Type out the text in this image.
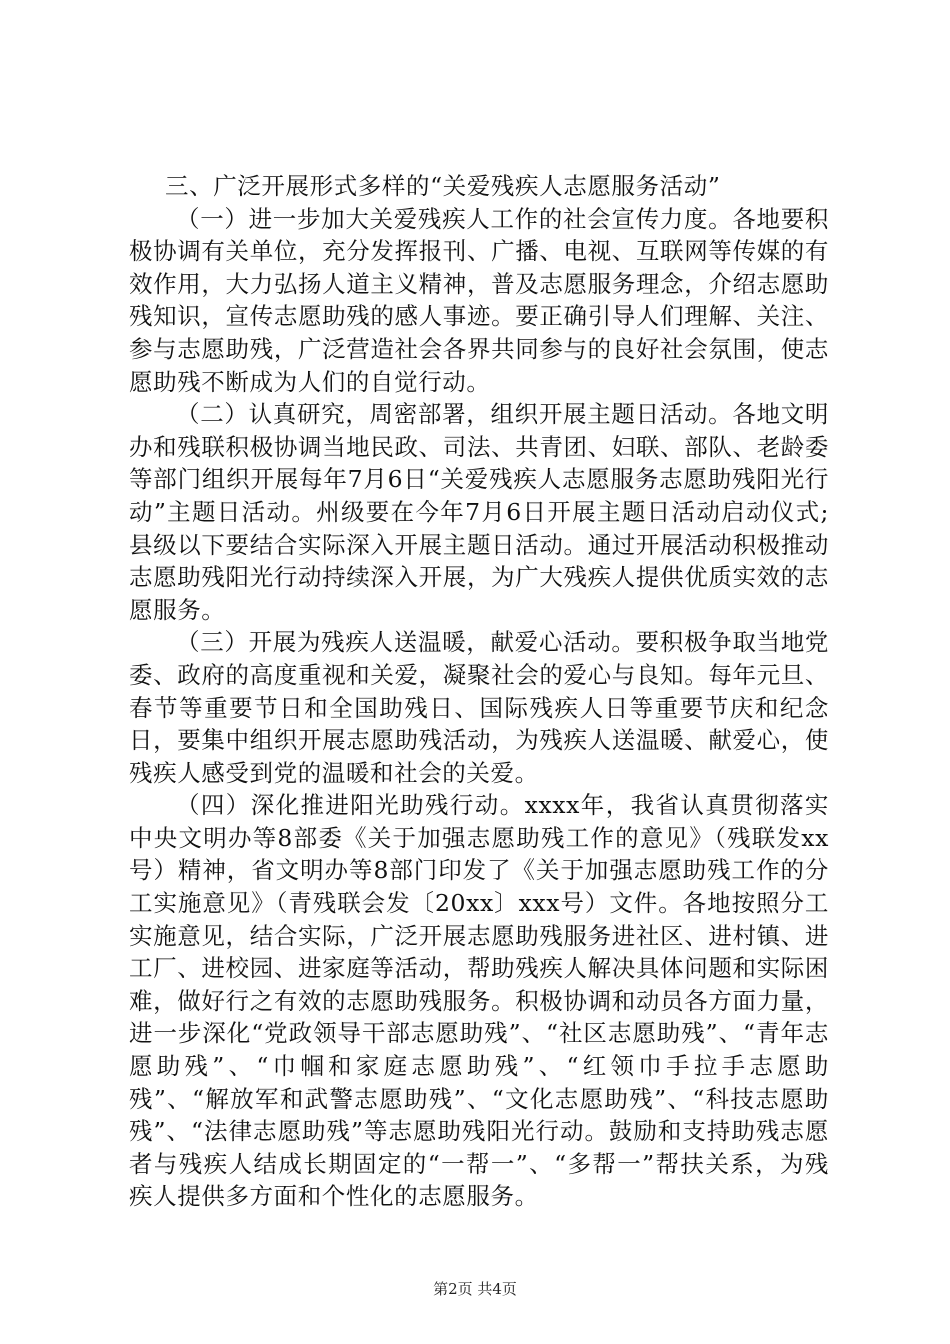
三、广泛开展形式多样的“关爱残疾人志愿服务活动”

（一）进一步加大关爱残疾人工作的社会宣传力度。各地要积极协调有关单位，充分发挥报刊、广播、电视、互联网等传媒的有效作用，大力弘扬人道主义精神，普及志愿服务理念，介绍志愿助残知识，宣传志愿助残的感人事迹。要正确引导人们理解、关注、参与志愿助残，广泛营造社会各界共同参与的良好社会氛围，使志愿助残不断成为人们的自觉行动。

（二）认真研究，周密部署，组织开展主题日活动。各地文明办和残联积极协调当地民政、司法、共青团、妇联、部队、老龄委等部门组织开展每年7月6日“关爱残疾人志愿服务志愿助残阳光行动”主题日活动。州级要在今年7月6日开展主题日活动启动仪式;县级以下要结合实际深入开展主题日活动。通过开展活动积极推动志愿助残阳光行动持续深入开展，为广大残疾人提供优质实效的志愿服务。

（三）开展为残疾人送温暖，献爱心活动。要积极争取当地党委、政府的高度重视和关爱，凝聚社会的爱心与良知。每年元旦、春节等重要节日和全国助残日、国际残疾人日等重要节庆和纪念日，要集中组织开展志愿助残活动，为残疾人送温暖、献爱心，使残疾人感受到党的温暖和社会的关爱。

（四）深化推进阳光助残行动。xxxx年，我省认真贯彻落实中央文明办等8部委《关于加强志愿助残工作的意见》（残联发xx号）精神，省文明办等8部门印发了《关于加强志愿助残工作的分工实施意见》（青残联会发〔20xx〕xxx号）文件。各地按照分工实施意见，结合实际，广泛开展志愿助残服务进社区、进村镇、进工厂、进校园、进家庭等活动，帮助残疾人解决具体问题和实际困难，做好行之有效的志愿助残服务。积极协调和动员各方面力量，进一步深化“党政领导干部志愿助残”、“社区志愿助残”、“青年志愿助残”、“巾帼和家庭志愿助残”、“红领巾手拉手志愿助残”、“解放军和武警志愿助残”、“文化志愿助残”、“科技志愿助残”、“法律志愿助残”等志愿助残阳光行动。鼓励和支持助残志愿者与残疾人结成长期固定的“一帮一”、“多帮一”帮扶关系，为残疾人提供多方面和个性化的志愿服务。

第2页 共4页
